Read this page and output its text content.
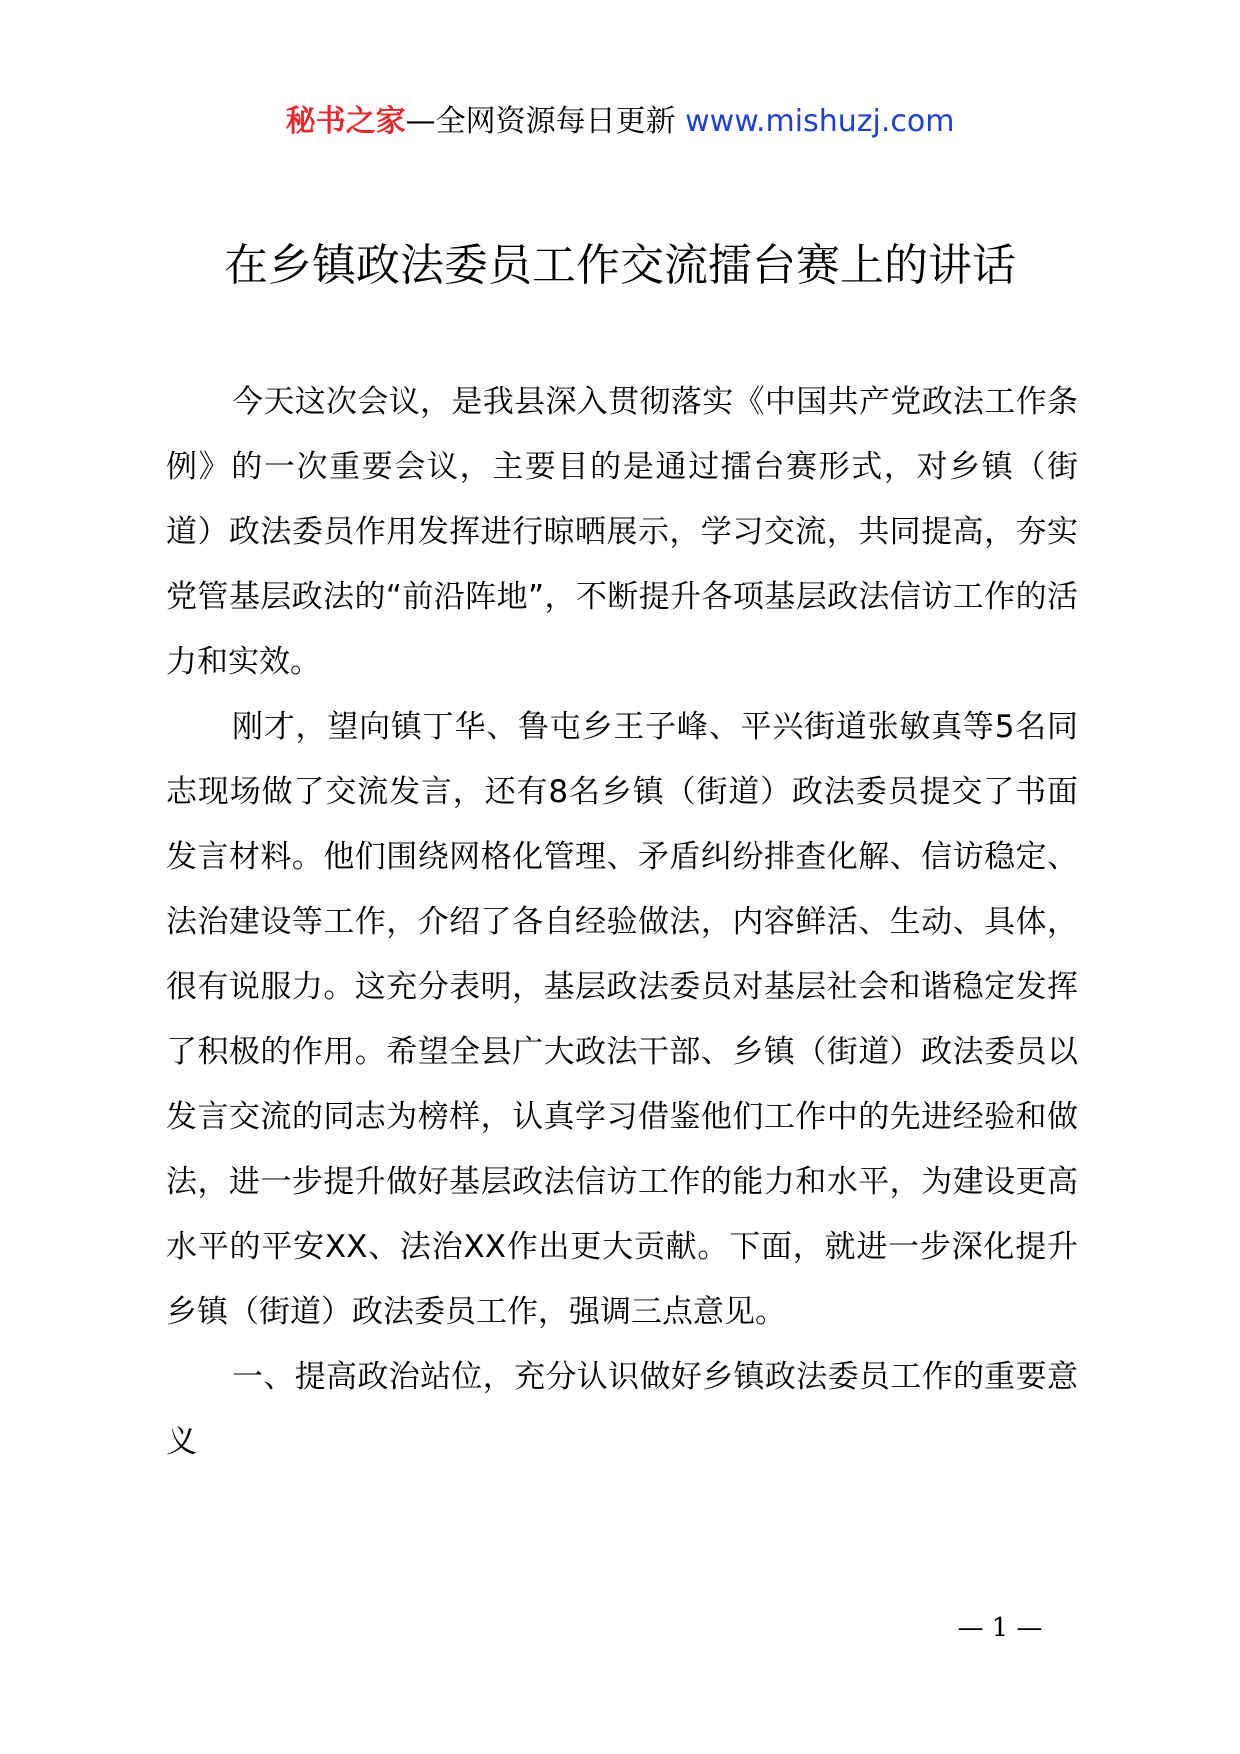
秘书之家—全网资源每日更新 www.mishuzj.com
在乡镇政法委员工作交流擂台赛上的讲话

今天这次会议，是我县深入贯彻落实《中国共产党政法工作条例》的一次重要会议，主要目的是通过擂台赛形式，对乡镇（街道）政法委员作用发挥进行晾晒展示，学习交流，共同提高，夯实党管基层政法的“前沿阵地”，不断提升各项基层政法信访工作的活力和实效。

刚才，望向镇丁华、鲁屯乡王子峰、平兴街道张敏真等5名同志现场做了交流发言，还有8名乡镇（街道）政法委员提交了书面发言材料。他们围绕网格化管理、矛盾纠纷排查化解、信访稳定、法治建设等工作，介绍了各自经验做法，内容鲜活、生动、具体，很有说服力。这充分表明，基层政法委员对基层社会和谐稳定发挥了积极的作用。希望全县广大政法干部、乡镇（街道）政法委员以发言交流的同志为榜样，认真学习借鉴他们工作中的先进经验和做法，进一步提升做好基层政法信访工作的能力和水平，为建设更高水平的平安XX、法治XX作出更大贡献。下面，就进一步深化提升乡镇（街道）政法委员工作，强调三点意见。

一、提高政治站位，充分认识做好乡镇政法委员工作的重要意义

— 1 —
